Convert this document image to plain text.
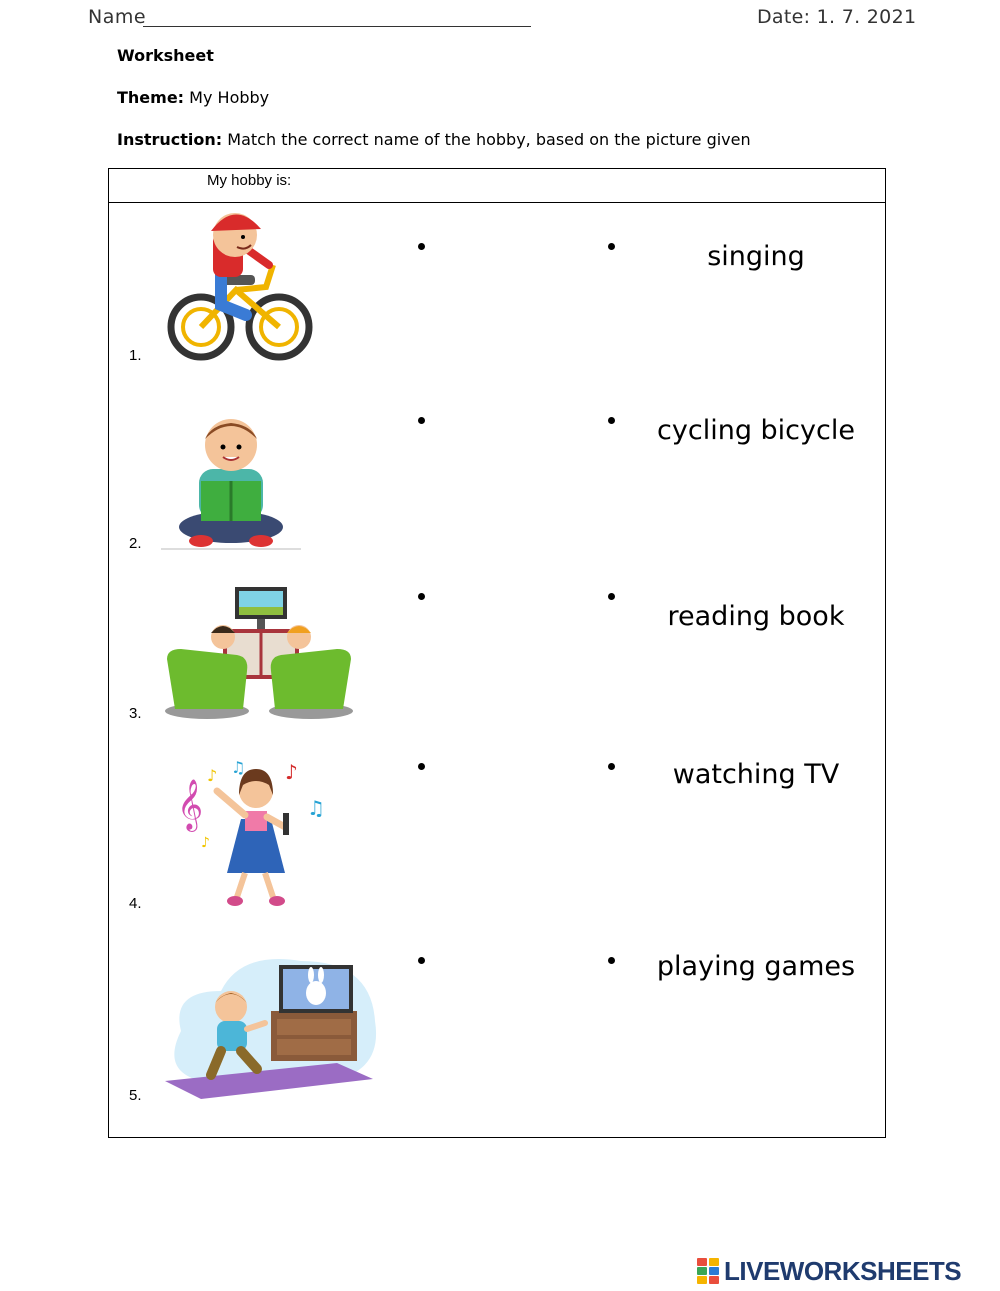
Name	Date: 1. 7. 2021
Worksheet
Theme: My Hobby
Instruction: Match the correct name of the hobby, based on the picture given
My hobby is:
1.
singing
2.
cycling bicycle
3.
reading book
4.
𝄞
♪ ♫ ♪
♫
♪
watching TV
5.
playing games
LIVEWORKSHEETS
